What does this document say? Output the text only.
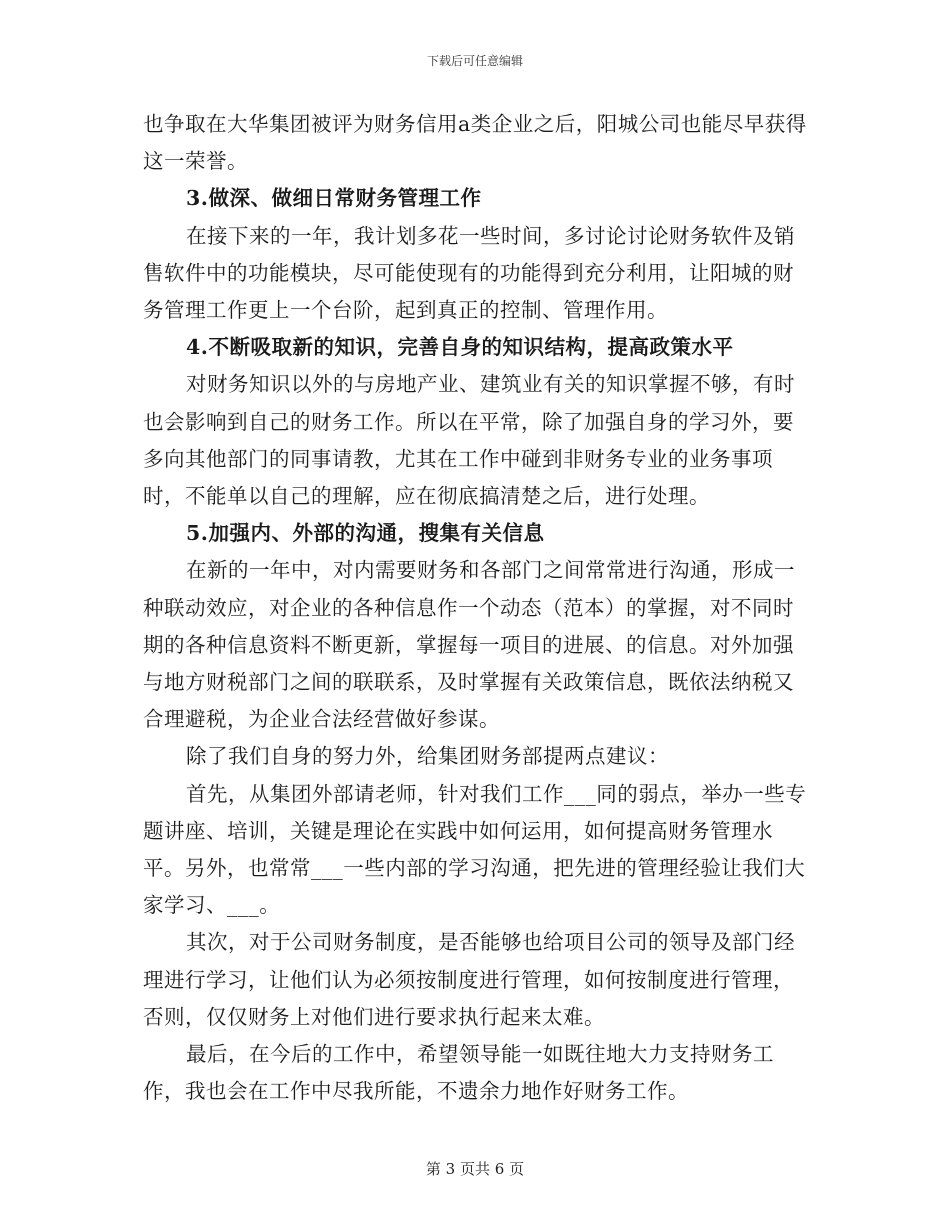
下载后可任意编辑

也争取在大华集团被评为财务信用a类企业之后，阳城公司也能尽早获得这一荣誉。

3.做深、做细日常财务管理工作

在接下来的一年，我计划多花一些时间，多讨论讨论财务软件及销售软件中的功能模块，尽可能使现有的功能得到充分利用，让阳城的财务管理工作更上一个台阶，起到真正的控制、管理作用。

4.不断吸取新的知识，完善自身的知识结构，提高政策水平

对财务知识以外的与房地产业、建筑业有关的知识掌握不够，有时也会影响到自己的财务工作。所以在平常，除了加强自身的学习外，要多向其他部门的同事请教，尤其在工作中碰到非财务专业的业务事项时，不能单以自己的理解，应在彻底搞清楚之后，进行处理。

5.加强内、外部的沟通，搜集有关信息

在新的一年中，对内需要财务和各部门之间常常进行沟通，形成一种联动效应，对企业的各种信息作一个动态（范本）的掌握，对不同时期的各种信息资料不断更新，掌握每一项目的进展、的信息。对外加强与地方财税部门之间的联联系，及时掌握有关政策信息，既依法纳税又合理避税，为企业合法经营做好参谋。

除了我们自身的努力外，给集团财务部提两点建议：

首先，从集团外部请老师，针对我们工作___同的弱点，举办一些专题讲座、培训，关键是理论在实践中如何运用，如何提高财务管理水平。另外，也常常___一些内部的学习沟通，把先进的管理经验让我们大家学习、___。

其次，对于公司财务制度，是否能够也给项目公司的领导及部门经理进行学习，让他们认为必须按制度进行管理，如何按制度进行管理，否则，仅仅财务上对他们进行要求执行起来太难。

最后，在今后的工作中，希望领导能一如既往地大力支持财务工作，我也会在工作中尽我所能，不遗余力地作好财务工作。

第 3 页共 6 页
